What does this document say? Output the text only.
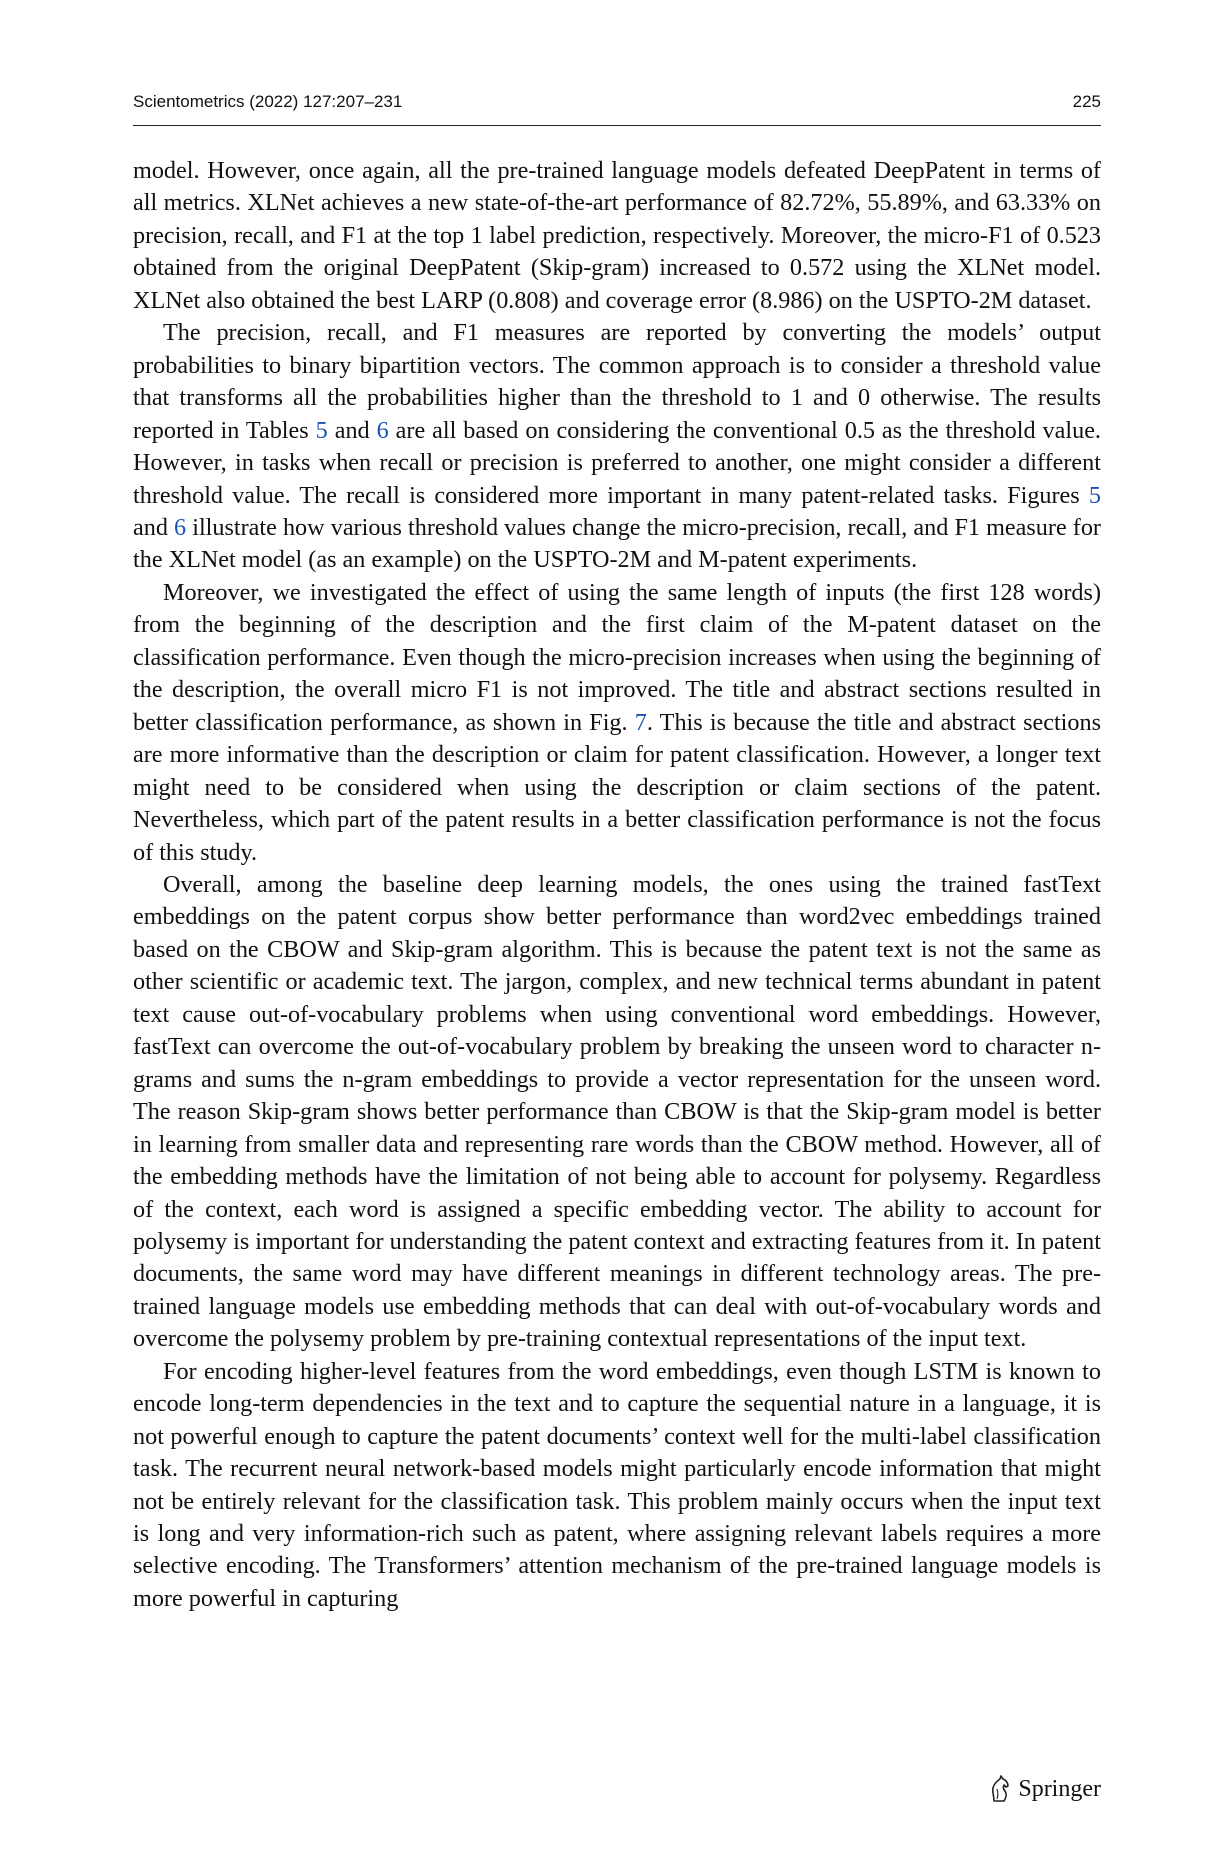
Scientometrics (2022) 127:207–231	225

model. However, once again, all the pre-trained language models defeated DeepPatent in terms of all metrics. XLNet achieves a new state-of-the-art performance of 82.72%, 55.89%, and 63.33% on precision, recall, and F1 at the top 1 label prediction, respectively. Moreover, the micro-F1 of 0.523 obtained from the original DeepPatent (Skip-gram) increased to 0.572 using the XLNet model. XLNet also obtained the best LARP (0.808) and coverage error (8.986) on the USPTO-2M dataset.

The precision, recall, and F1 measures are reported by converting the models’ output probabilities to binary bipartition vectors. The common approach is to consider a threshold value that transforms all the probabilities higher than the threshold to 1 and 0 otherwise. The results reported in Tables 5 and 6 are all based on considering the conventional 0.5 as the threshold value. However, in tasks when recall or precision is preferred to another, one might consider a different threshold value. The recall is considered more important in many patent-related tasks. Figures 5 and 6 illustrate how various threshold values change the micro-precision, recall, and F1 measure for the XLNet model (as an example) on the USPTO-2M and M-patent experiments.

Moreover, we investigated the effect of using the same length of inputs (the first 128 words) from the beginning of the description and the first claim of the M-patent dataset on the classification performance. Even though the micro-precision increases when using the beginning of the description, the overall micro F1 is not improved. The title and abstract sections resulted in better classification performance, as shown in Fig. 7. This is because the title and abstract sections are more informative than the description or claim for patent classification. However, a longer text might need to be considered when using the description or claim sections of the patent. Nevertheless, which part of the patent results in a better classification performance is not the focus of this study.

Overall, among the baseline deep learning models, the ones using the trained fastText embeddings on the patent corpus show better performance than word2vec embeddings trained based on the CBOW and Skip-gram algorithm. This is because the patent text is not the same as other scientific or academic text. The jargon, complex, and new technical terms abundant in patent text cause out-of-vocabulary problems when using conventional word embeddings. However, fastText can overcome the out-of-vocabulary problem by breaking the unseen word to character n-grams and sums the n-gram embeddings to provide a vector representation for the unseen word. The reason Skip-gram shows better performance than CBOW is that the Skip-gram model is better in learning from smaller data and representing rare words than the CBOW method. However, all of the embedding methods have the limitation of not being able to account for polysemy. Regardless of the context, each word is assigned a specific embedding vector. The ability to account for polysemy is important for understanding the patent context and extracting features from it. In patent documents, the same word may have different meanings in different technology areas. The pre-trained language models use embedding methods that can deal with out-of-vocabulary words and overcome the polysemy problem by pre-training contextual representations of the input text.

For encoding higher-level features from the word embeddings, even though LSTM is known to encode long-term dependencies in the text and to capture the sequential nature in a language, it is not powerful enough to capture the patent documents’ context well for the multi-label classification task. The recurrent neural network-based models might particularly encode information that might not be entirely relevant for the classification task. This problem mainly occurs when the input text is long and very information-rich such as patent, where assigning relevant labels requires a more selective encoding. The Transformers’ attention mechanism of the pre-trained language models is more powerful in capturing

Springer
